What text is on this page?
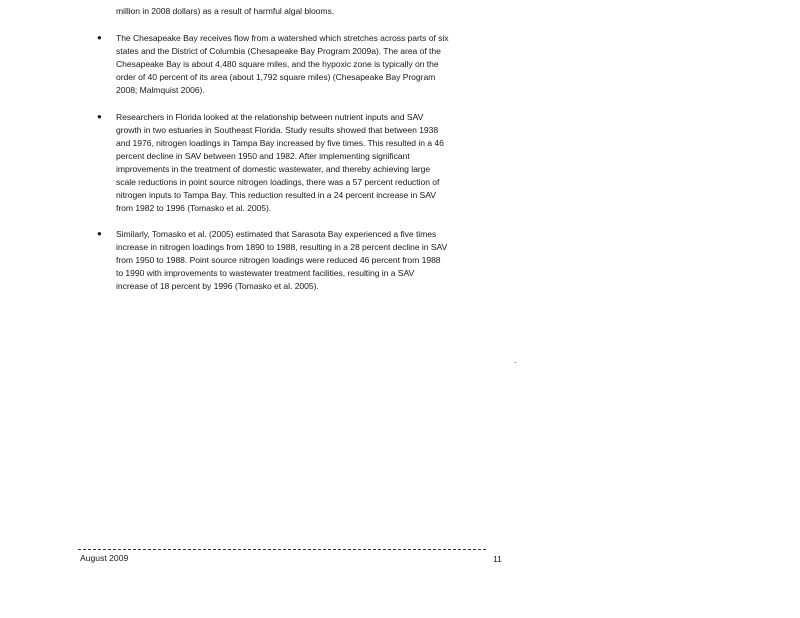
million in 2008 dollars) as a result of harmful algal blooms.
● The Chesapeake Bay receives flow from a watershed which stretches across parts of six
states and the District of Columbia (Chesapeake Bay Program 2009a). The area of the
Chesapeake Bay is about 4,480 square miles, and the hypoxic zone is typically on the
order of 40 percent of its area (about 1,792 square miles) (Chesapeake Bay Program
2008; Malmquist 2006).
● Researchers in Florida looked at the relationship between nutrient inputs and SAV
growth in two estuaries in Southeast Florida. Study results showed that between 1938
and 1976, nitrogen loadings in Tampa Bay increased by five times. This resulted in a 46
percent decline in SAV between 1950 and 1982. After implementing significant
improvements in the treatment of domestic wastewater, and thereby achieving large
scale reductions in point source nitrogen loadings, there was a 57 percent reduction of
nitrogen inputs to Tampa Bay. This reduction resulted in a 24 percent increase in SAV
from 1982 to 1996 (Tomasko et al. 2005).
● Similarly, Tomasko et al. (2005) estimated that Sarasota Bay experienced a five times
increase in nitrogen loadings from 1890 to 1988, resulting in a 28 percent decline in SAV
from 1950 to 1988. Point source nitrogen loadings were reduced 46 percent from 1988
to 1990 with improvements to wastewater treatment facilities, resulting in a SAV
increase of 18 percent by 1996 (Tomasko et al. 2005).
August 2009	11
